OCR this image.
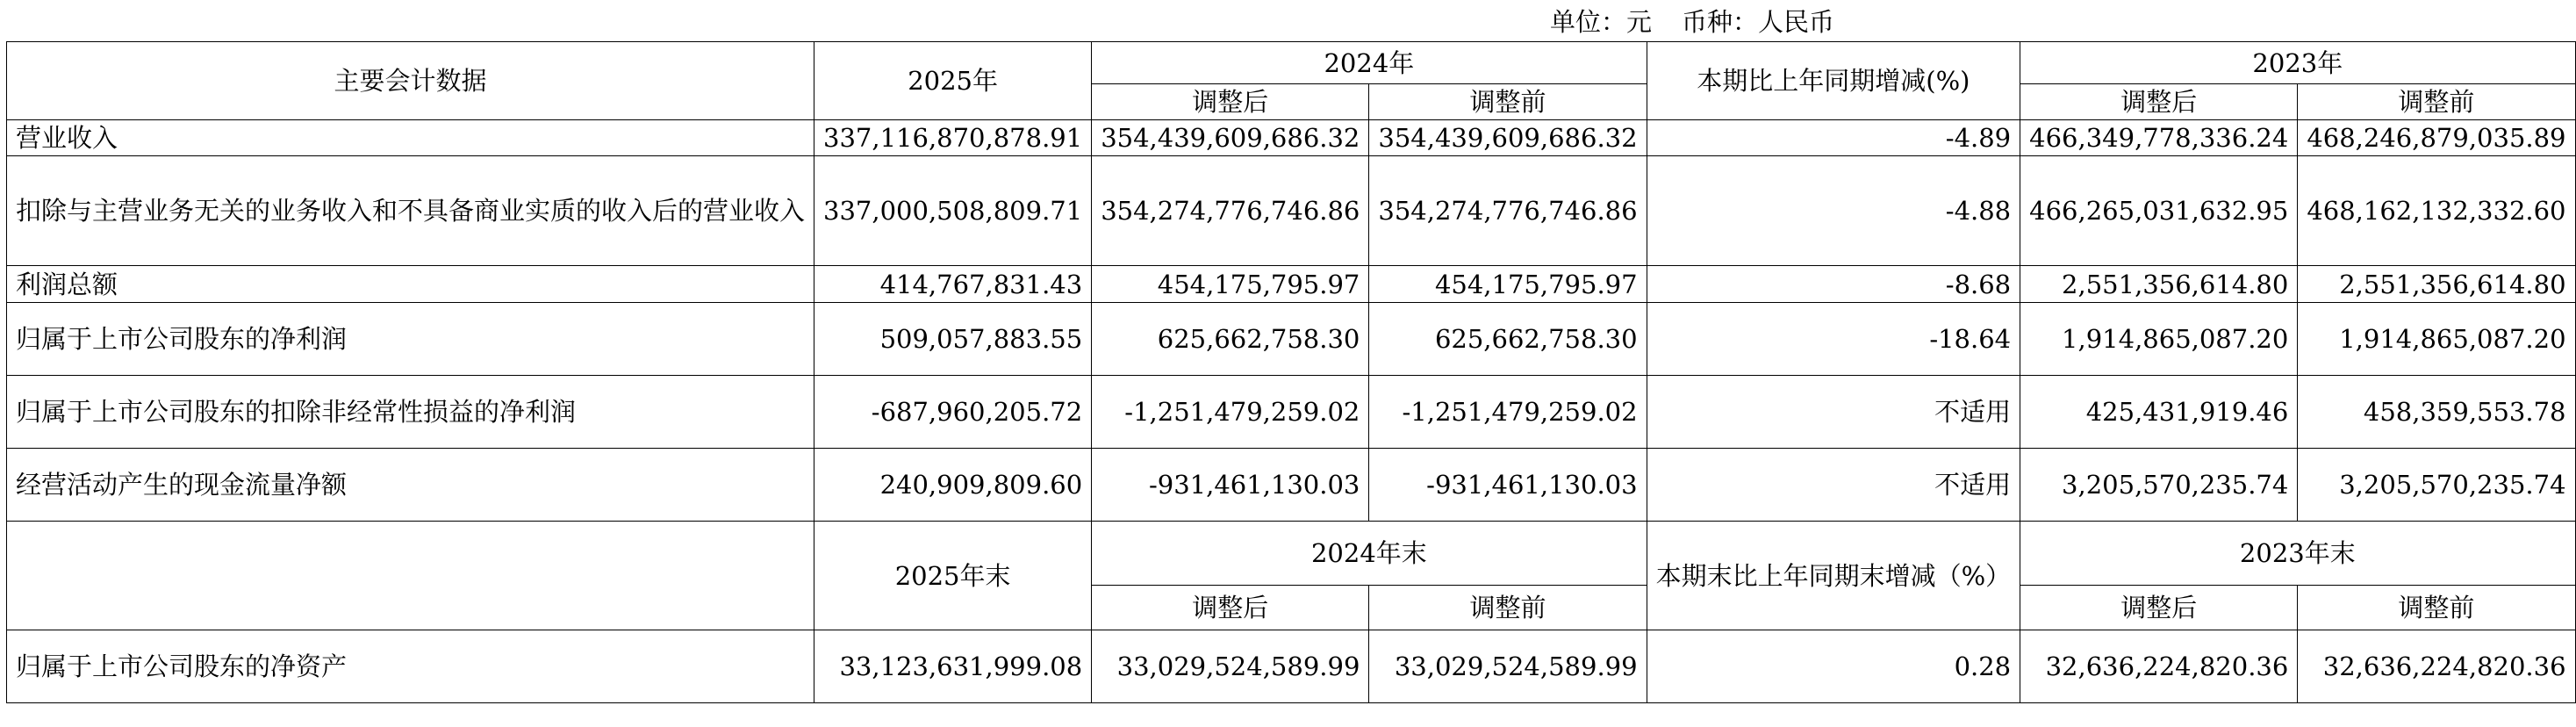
单位：元 币种：人民币
主要会计数据	2025年	2024年		本期比上年同期增减(%)	2023年	
		调整后	调整前		调整后	调整前
营业收入	337,116,870,878.91	354,439,609,686.32	354,439,609,686.32	-4.89	466,349,778,336.24	468,246,879,035.89
扣除与主营业务无关的业务收入和不具备商业实质的收入后的营业收入	337,000,508,809.71	354,274,776,746.86	354,274,776,746.86	-4.88	466,265,031,632.95	468,162,132,332.60
利润总额	414,767,831.43	454,175,795.97	454,175,795.97	-8.68	2,551,356,614.80	2,551,356,614.80
归属于上市公司股东的净利润	509,057,883.55	625,662,758.30	625,662,758.30	-18.64	1,914,865,087.20	1,914,865,087.20
归属于上市公司股东的扣除非经常性损益的净利润	-687,960,205.72	-1,251,479,259.02	-1,251,479,259.02	不适用	425,431,919.46	458,359,553.78
经营活动产生的现金流量净额	240,909,809.60	-931,461,130.03	-931,461,130.03	不适用	3,205,570,235.74	3,205,570,235.74
	2025年末	2024年末		本期末比上年同期末增减（%）	2023年末	
		调整后	调整前		调整后	调整前
归属于上市公司股东的净资产	33,123,631,999.08	33,029,524,589.99	33,029,524,589.99	0.28	32,636,224,820.36	32,636,224,820.36
